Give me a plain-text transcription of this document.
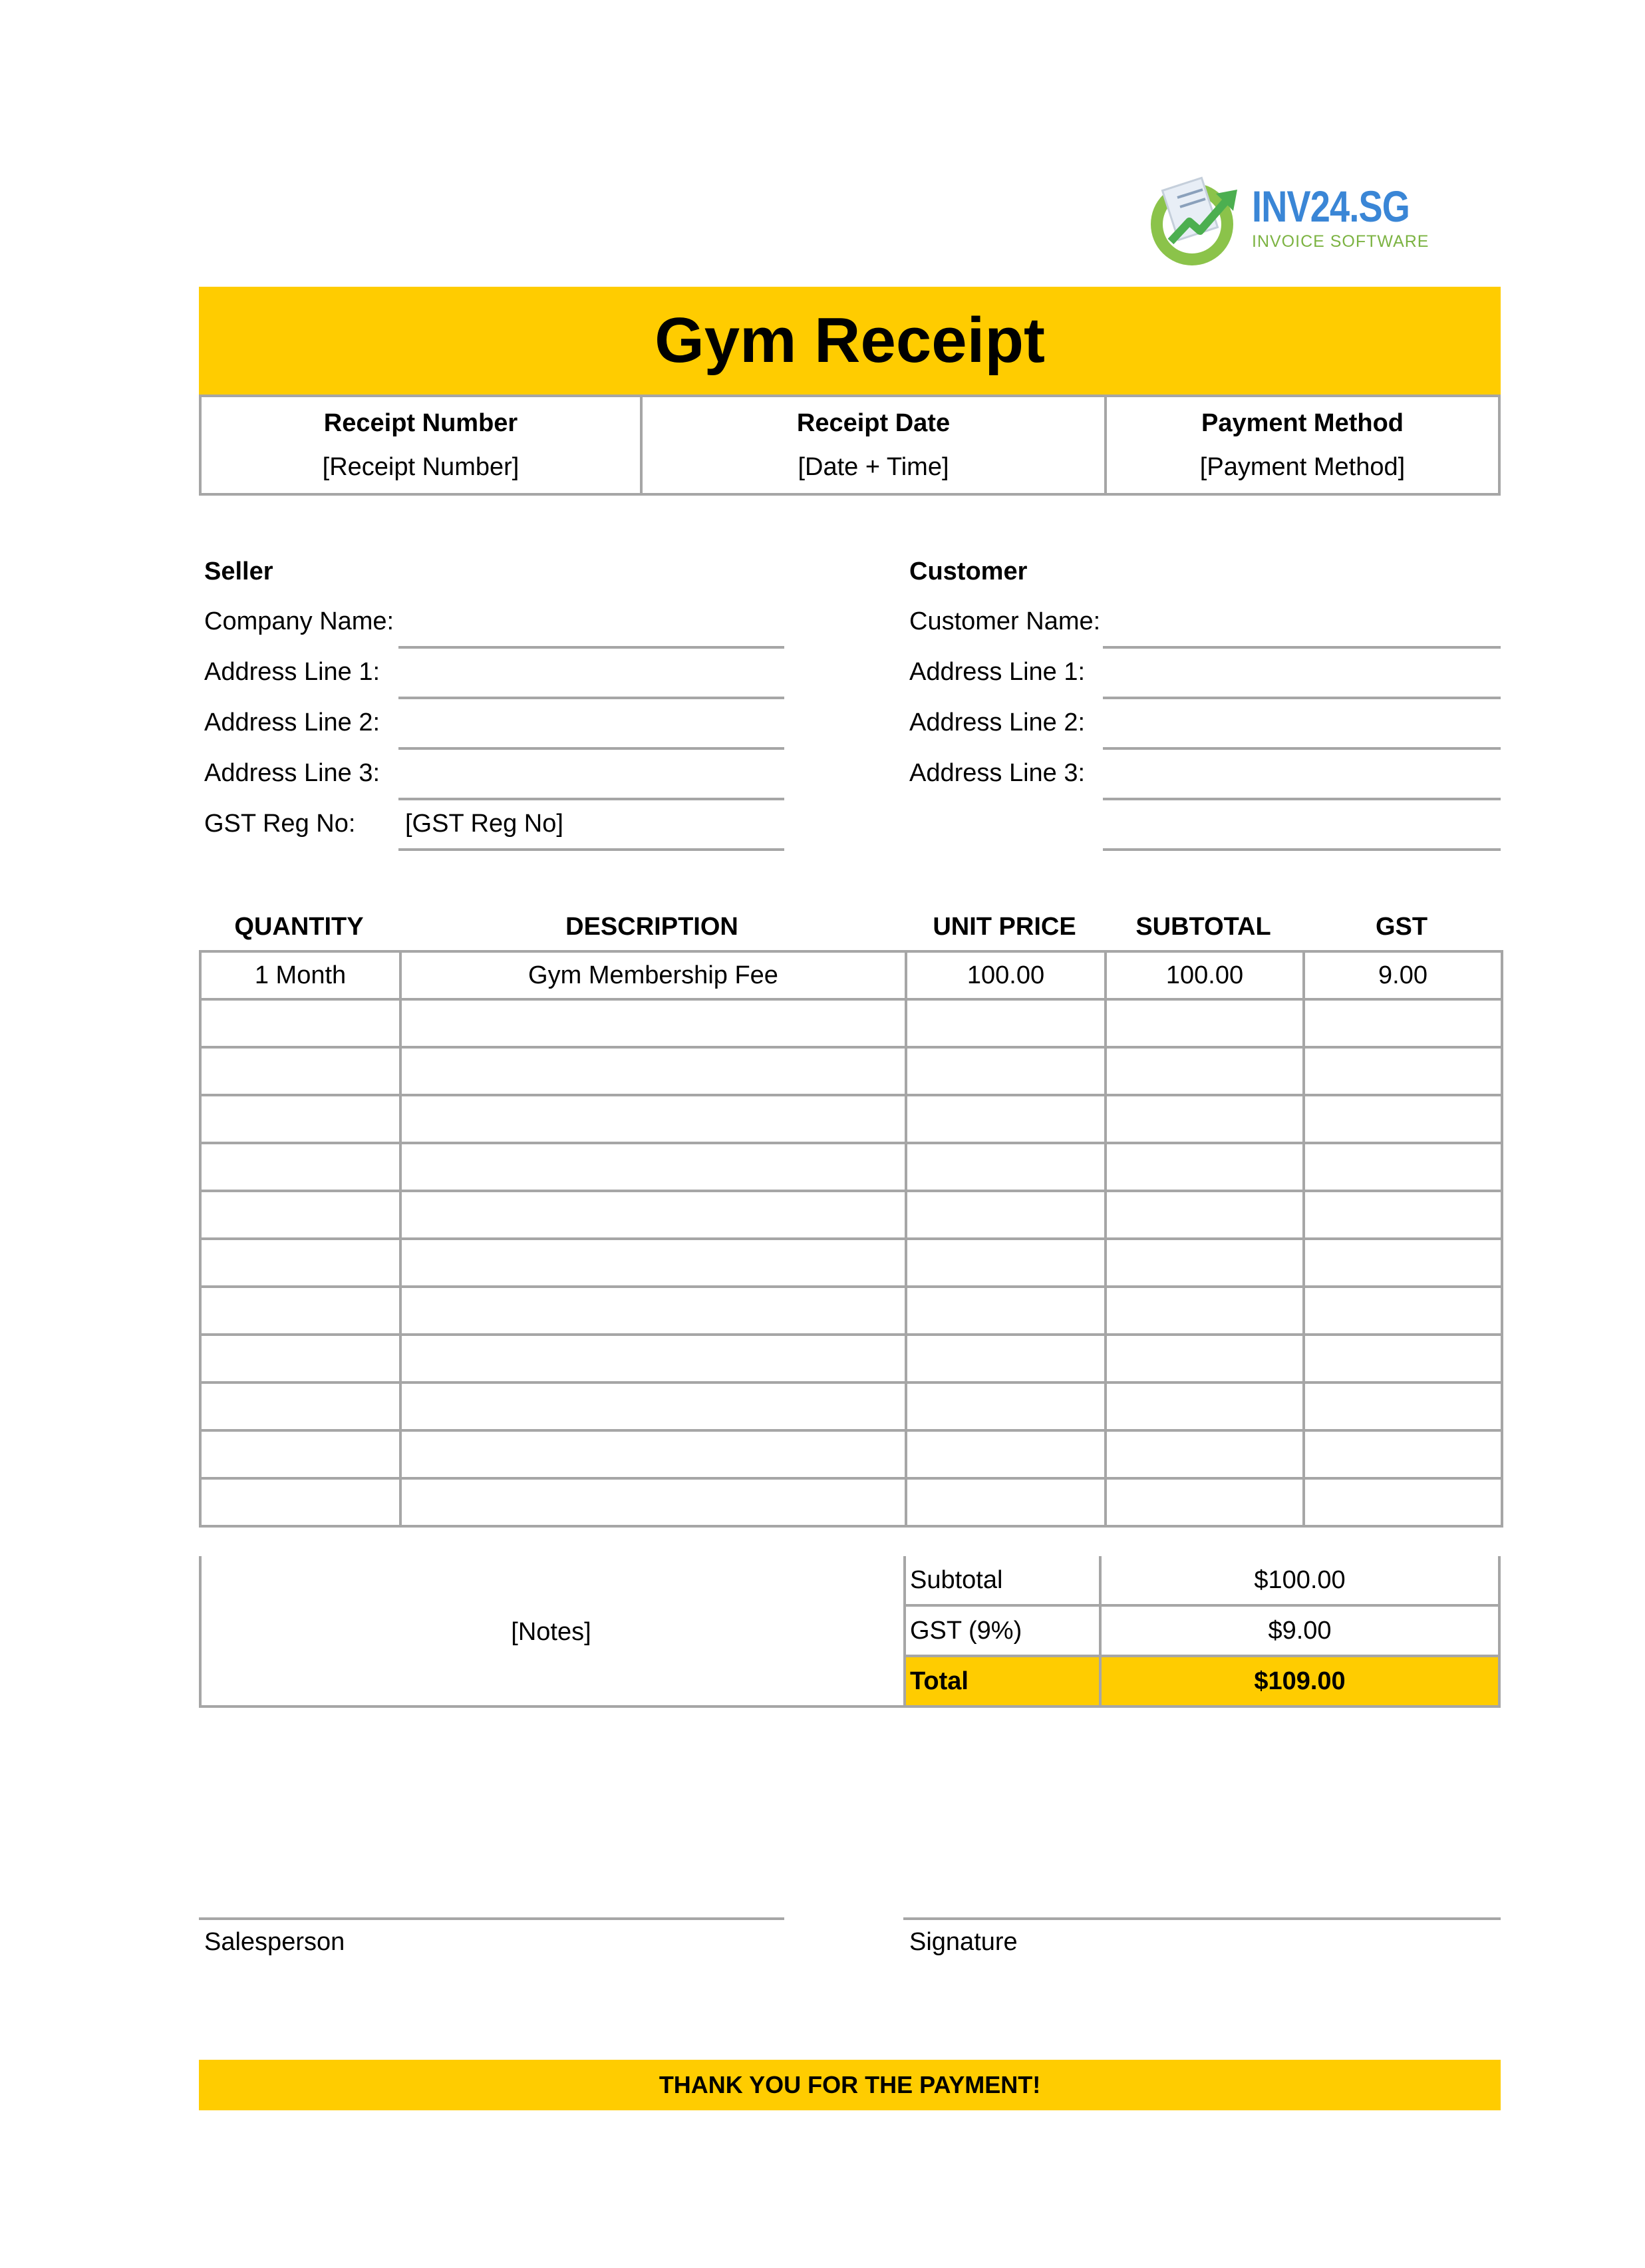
INV24.SG
INVOICE SOFTWARE
Gym Receipt
Receipt Number
[Receipt Number]
Receipt Date
[Date + Time]
Payment Method
[Payment Method]
Seller
Company Name:
Address Line 1:
Address Line 2:
Address Line 3:
GST Reg No: [GST Reg No]
Customer
Customer Name:
Address Line 1:
Address Line 2:
Address Line 3:
QUANTITY	DESCRIPTION	UNIT PRICE	SUBTOTAL	GST
1 Month	Gym Membership Fee	100.00	100.00	9.00

[Notes]
Subtotal	$100.00
GST (9%)	$9.00
Total	$109.00
Salesperson	Signature
THANK YOU FOR THE PAYMENT!
